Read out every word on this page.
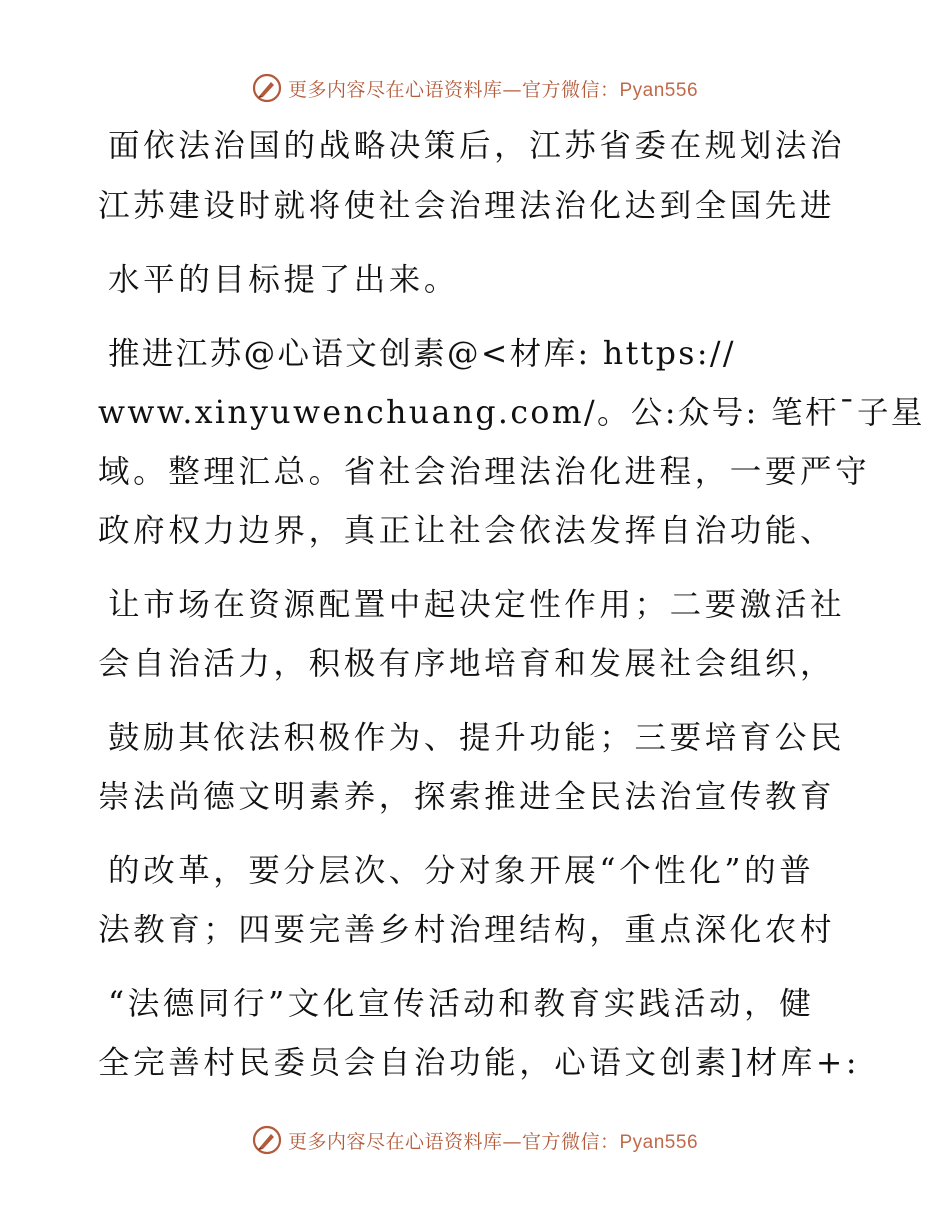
更多内容尽在心语资料库—官方微信：Pyan556
面依法治国的战略决策后，江苏省委在规划法治
江苏建设时就将使社会治理法治化达到全国先进
水平的目标提了出来。
推进江苏@心语文创素@<材库: https://
www.xinyuwenchuang.com/。公:众号: 笔杆¯子星
域。整理汇总。省社会治理法治化进程，一要严守
政府权力边界，真正让社会依法发挥自治功能、
让市场在资源配置中起决定性作用；二要激活社
会自治活力，积极有序地培育和发展社会组织，
鼓励其依法积极作为、提升功能；三要培育公民
崇法尚德文明素养，探索推进全民法治宣传教育
的改革，要分层次、分对象开展“个性化”的普
法教育；四要完善乡村治理结构，重点深化农村
“法德同行”文化宣传活动和教育实践活动，健
全完善村民委员会自治功能，心语文创素]材库+:
更多内容尽在心语资料库—官方微信：Pyan556
